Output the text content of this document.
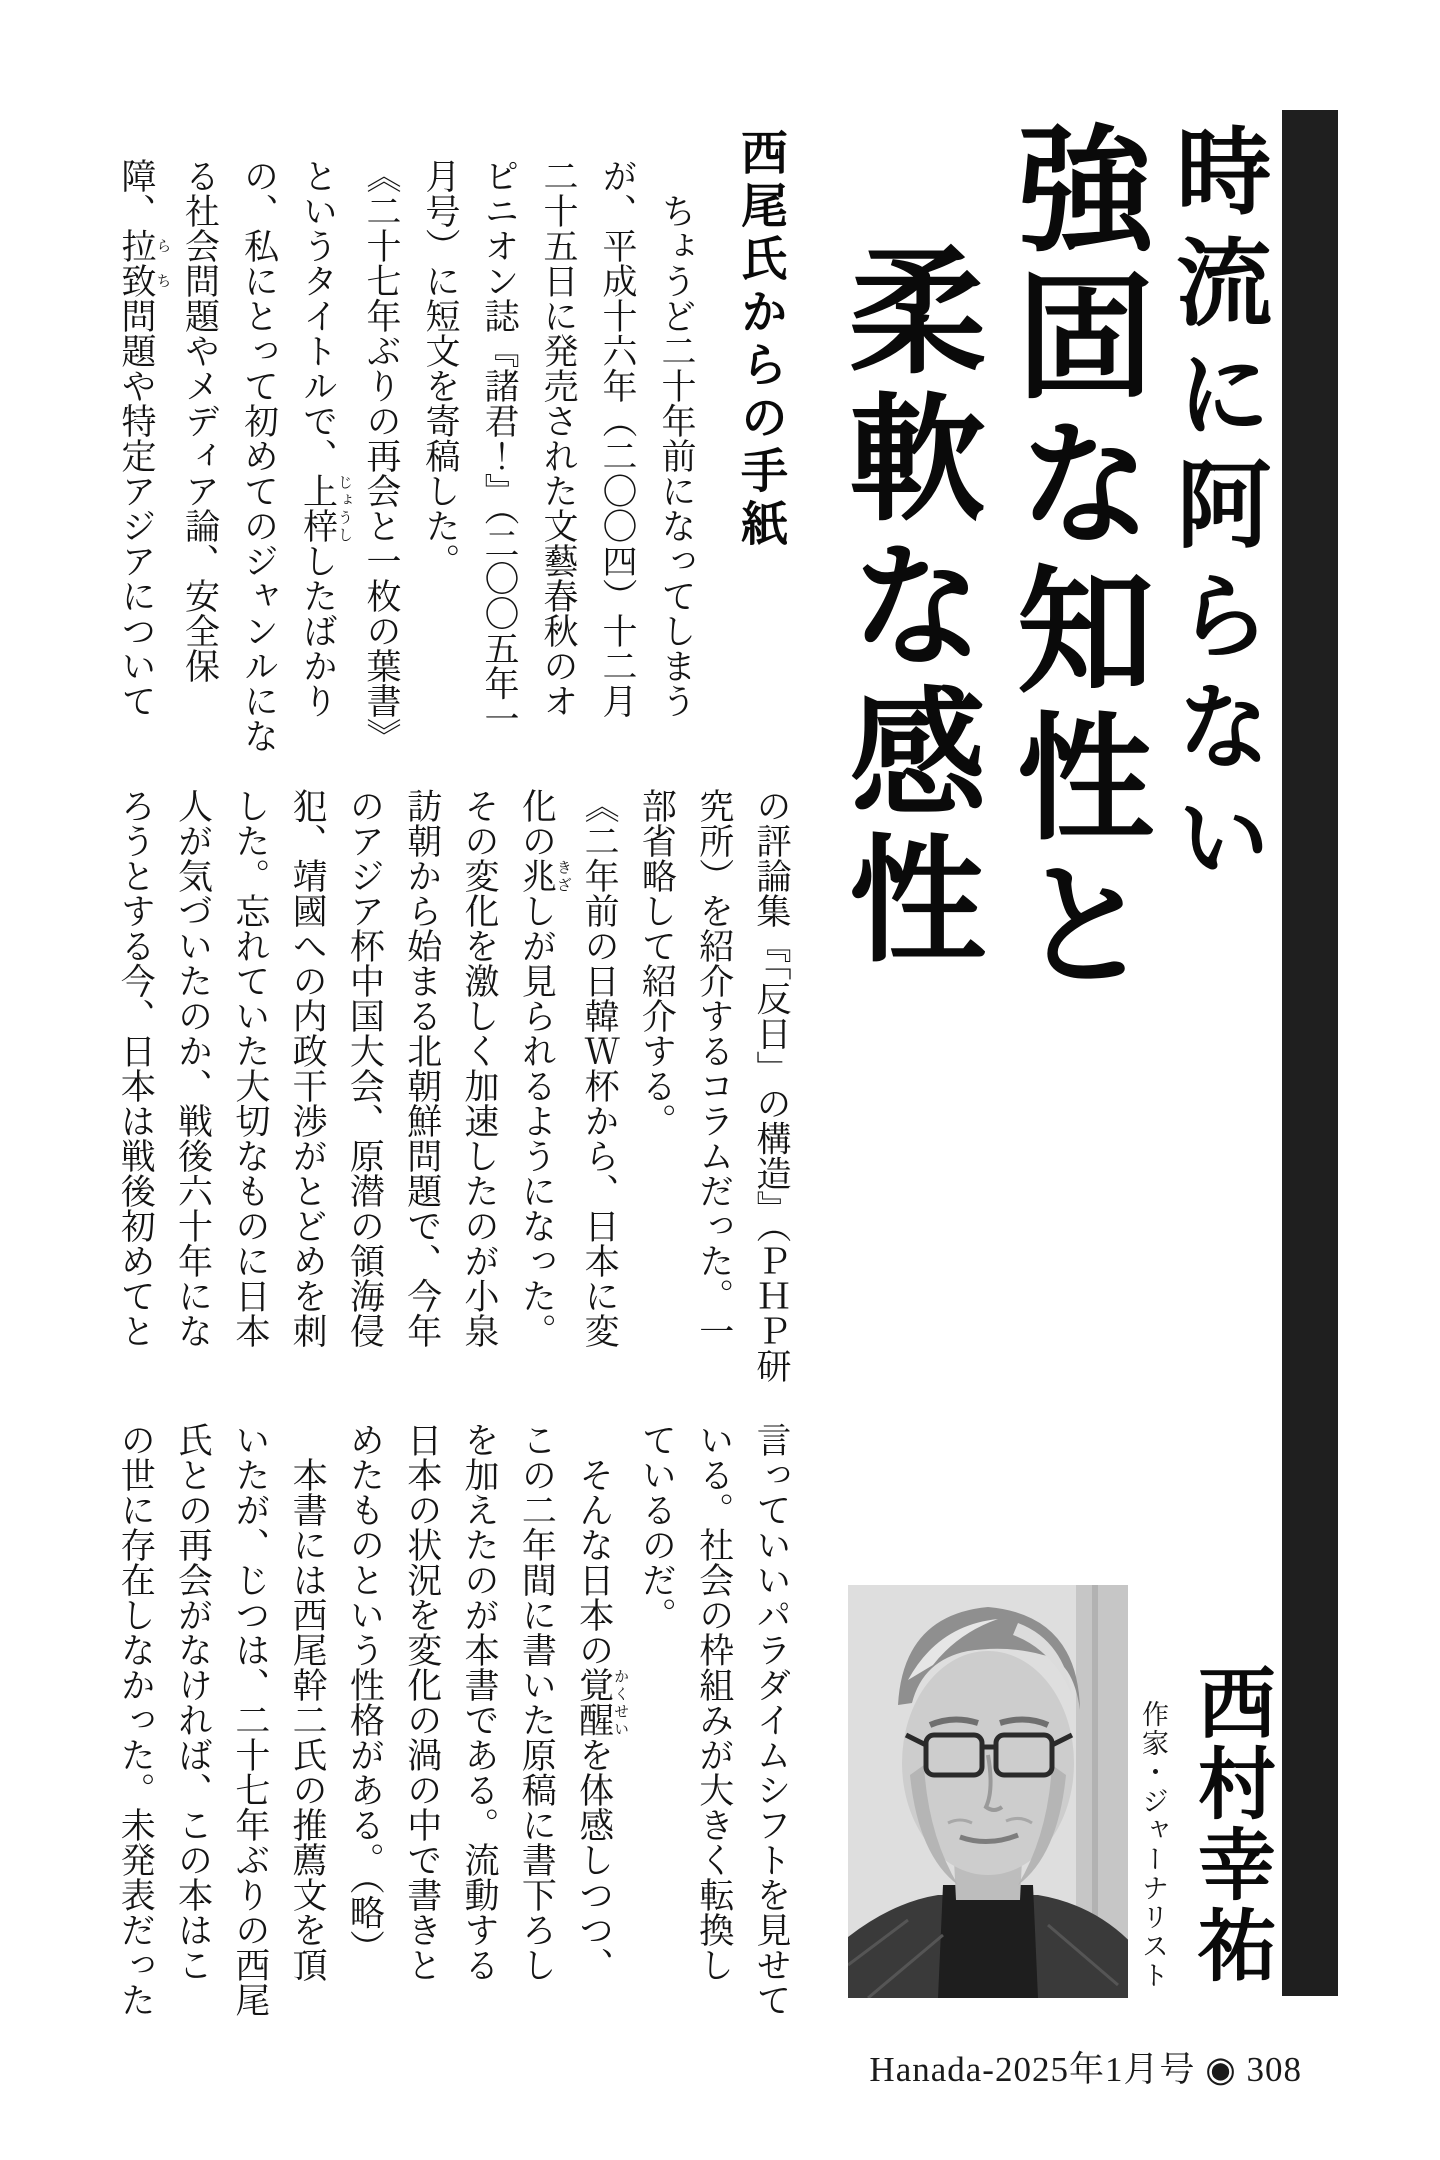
時流に阿らない
強固な知性と
柔軟な感性
西尾氏からの手紙

　ちょうど二十年前になってしまう

が、平成十六年（二〇〇四）十二月

二十五日に発売された文藝春秋のオ

ピニオン誌『諸君！』（二〇〇五年一

月号）に短文を寄稿した。

《二十七年ぶりの再会と一枚の葉書》

というタイトルで、上梓じょうししたばかり

の、私にとって初めてのジャンルにな

る社会問題やメディア論、安全保

障、拉致らち問題や特定アジアについて

の評論集『「反日」の構造』（ＰＨＰ研

究所）を紹介するコラムだった。一

部省略して紹介する。

《二年前の日韓Ｗ杯から、日本に変

化の兆きざしが見られるようになった。

その変化を激しく加速したのが小泉

訪朝から始まる北朝鮮問題で、今年

のアジア杯中国大会、原潜の領海侵

犯、靖國への内政干渉がとどめを刺

した。忘れていた大切なものに日本

人が気づいたのか、戦後六十年にな

ろうとする今、日本は戦後初めてと

言っていいパラダイムシフトを見せて

いる。社会の枠組みが大きく転換し

ているのだ。

　そんな日本の覚醒かくせいを体感しつつ、

この二年間に書いた原稿に書下ろし

を加えたのが本書である。流動する

日本の状況を変化の渦の中で書きと

めたものという性格がある。（略）

　本書には西尾幹二氏の推薦文を頂

いたが、じつは、二十七年ぶりの西尾

氏との再会がなければ、この本はこ

の世に存在しなかった。未発表だった	西村幸祐
作家・ジャーナリスト
Hanada-2025年1月号 ◉ 308
